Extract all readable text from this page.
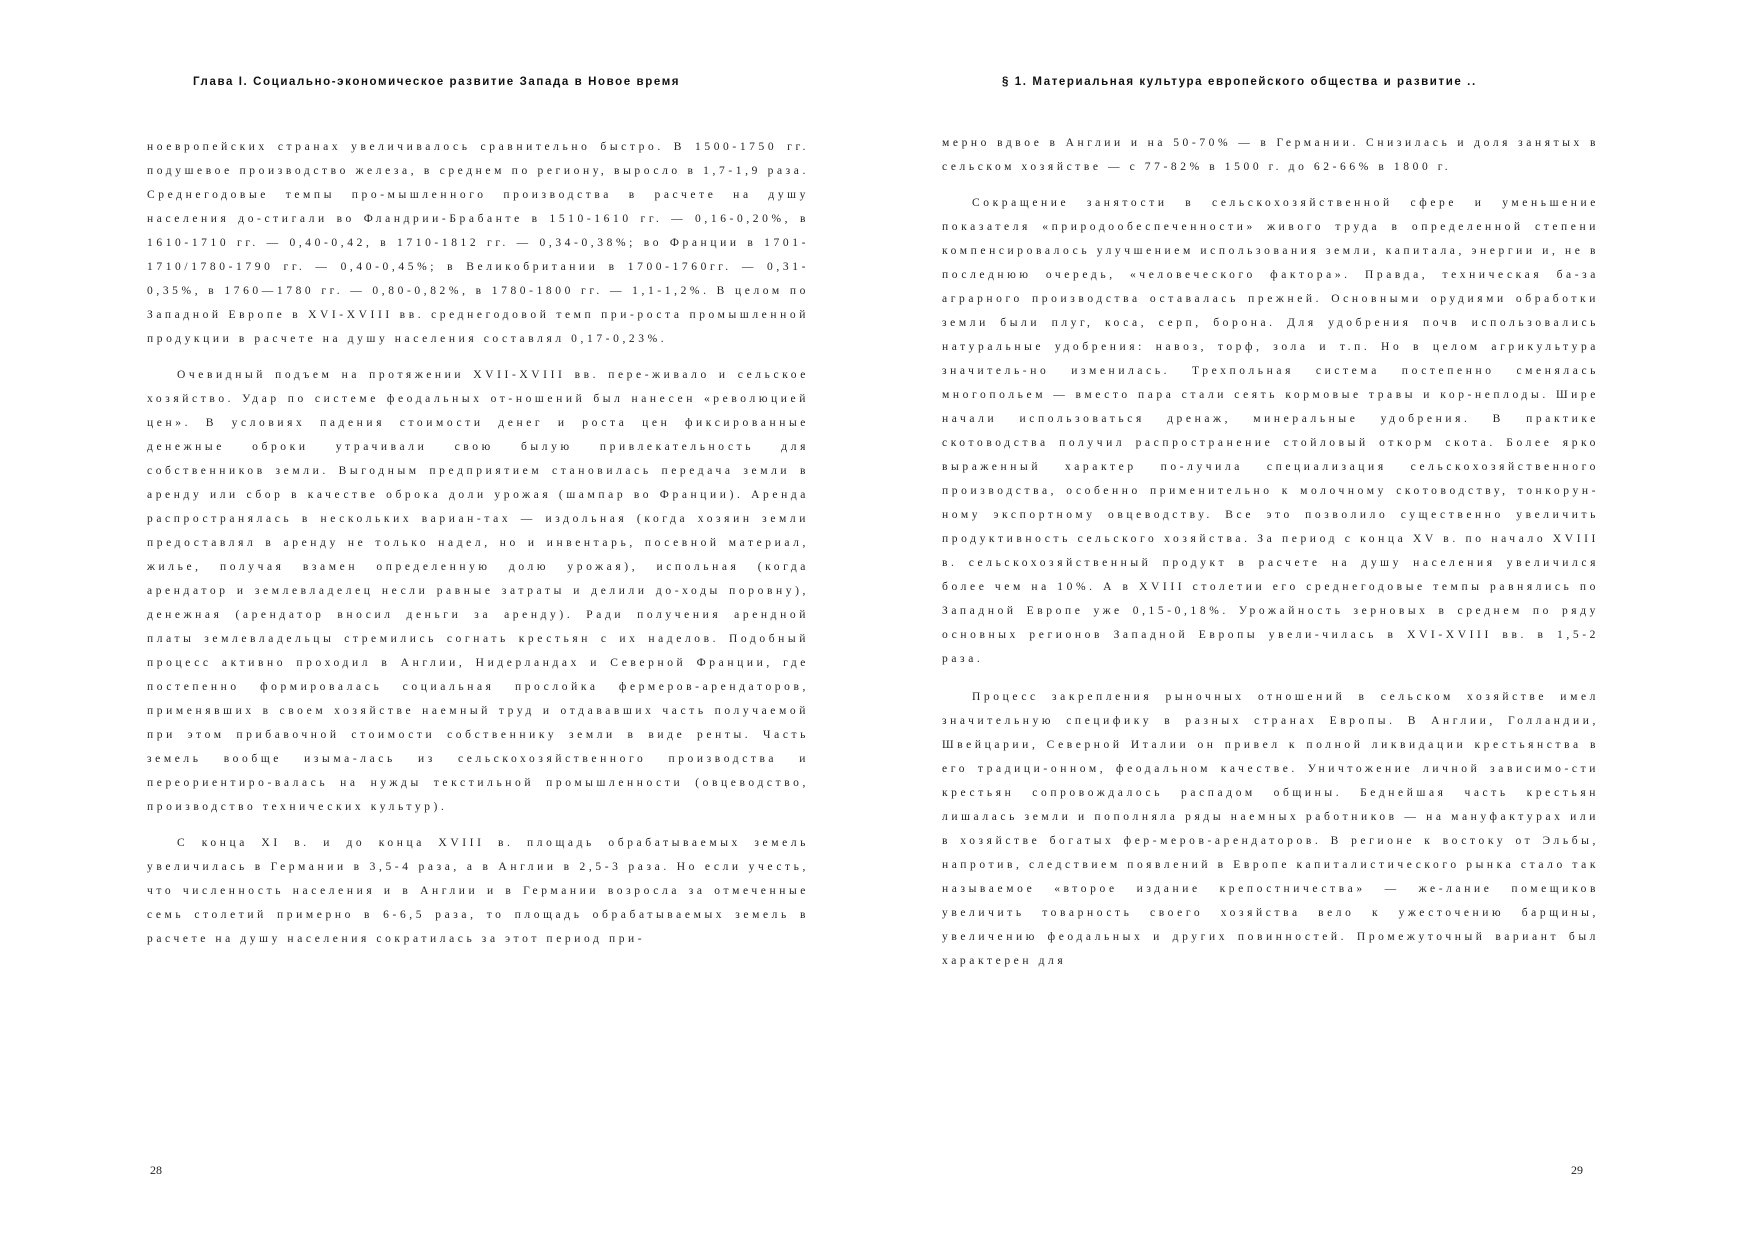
Глава I. Социально-экономическое развитие Запада в Новое время

ноевропейских странах увеличивалось сравнительно быстро. В 1500-1750 гг. подушевое производство железа, в среднем по региону, выросло в 1,7-1,9 раза. Среднегодовые темпы про-мышленного производства в расчете на душу населения до-стигали во Фландрии-Брабанте в 1510-1610 гг. — 0,16-0,20%, в 1610-1710 гг. — 0,40-0,42, в 1710-1812 гг. — 0,34-0,38%; во Франции в 1701-1710/1780-1790 гг. — 0,40-0,45%; в Великобритании в 1700-1760гг. — 0,31-0,35%, в 1760—1780 гг. — 0,80-0,82%, в 1780-1800 гг. — 1,1-1,2%. В целом по Западной Европе в XVI-XVIII вв. среднегодовой темп при-роста промышленной продукции в расчете на душу населения составлял 0,17-0,23%.

Очевидный подъем на протяжении XVII-XVIII вв. пере-живало и сельское хозяйство. Удар по системе феодальных от-ношений был нанесен «революцией цен». В условиях падения стоимости денег и роста цен фиксированные денежные оброки утрачивали свою былую привлекательность для собственников земли. Выгодным предприятием становилась передача земли в аренду или сбор в качестве оброка доли урожая (шампар во Франции). Аренда распространялась в нескольких вариан-тах — издольная (когда хозяин земли предоставлял в аренду не только надел, но и инвентарь, посевной материал, жилье, получая взамен определенную долю урожая), испольная (когда арендатор и землевладелец несли равные затраты и делили до-ходы поровну), денежная (арендатор вносил деньги за аренду). Ради получения арендной платы землевладельцы стремились согнать крестьян с их наделов. Подобный процесс активно проходил в Англии, Нидерландах и Северной Франции, где постепенно формировалась социальная прослойка фермеров-арендаторов, применявших в своем хозяйстве наемный труд и отдававших часть получаемой при этом прибавочной стоимости собственнику земли в виде ренты. Часть земель вообще изыма-лась из сельскохозяйственного производства и переориентиро-валась на нужды текстильной промышленности (овцеводство, производство технических культур).

С конца XI в. и до конца XVIII в. площадь обрабатываемых земель увеличилась в Германии в 3,5-4 раза, а в Англии в 2,5-3 раза. Но если учесть, что численность населения и в Англии и в Германии возросла за отмеченные семь столетий примерно в 6-6,5 раза, то площадь обрабатываемых земель в расчете на душу населения сократилась за этот период при-

28
§ 1. Материальная культура европейского общества и развитие ..

мерно вдвое в Англии и на 50-70% — в Германии. Снизилась и доля занятых в сельском хозяйстве — с 77-82% в 1500 г. до 62-66% в 1800 г.

Сокращение занятости в сельскохозяйственной сфере и уменьшение показателя «природообеспеченности» живого труда в определенной степени компенсировалось улучшением использования земли, капитала, энергии и, не в последнюю очередь, «человеческого фактора». Правда, техническая ба-за аграрного производства оставалась прежней. Основными орудиями обработки земли были плуг, коса, серп, борона. Для удобрения почв использовались натуральные удобрения: навоз, торф, зола и т.п. Но в целом агрикультура значитель-но изменилась. Трехпольная система постепенно сменялась многопольем — вместо пара стали сеять кормовые травы и кор-неплоды. Шире начали использоваться дренаж, минеральные удобрения. В практике скотоводства получил распространение стойловый откорм скота. Более ярко выраженный характер по-лучила специализация сельскохозяйственного производства, особенно применительно к молочному скотоводству, тонкорун-ному экспортному овцеводству. Все это позволило существенно увеличить продуктивность сельского хозяйства. За период с конца XV в. по начало XVIII в. сельскохозяйственный продукт в расчете на душу населения увеличился более чем на 10%. А в XVIII столетии его среднегодовые темпы равнялись по Западной Европе уже 0,15-0,18%. Урожайность зерновых в среднем по ряду основных регионов Западной Европы увели-чилась в XVI-XVIII вв. в 1,5-2 раза.

Процесс закрепления рыночных отношений в сельском хозяйстве имел значительную специфику в разных странах Европы. В Англии, Голландии, Швейцарии, Северной Италии он привел к полной ликвидации крестьянства в его традици-онном, феодальном качестве. Уничтожение личной зависимо-сти крестьян сопровождалось распадом общины. Беднейшая часть крестьян лишалась земли и пополняла ряды наемных работников — на мануфактурах или в хозяйстве богатых фер-меров-арендаторов. В регионе к востоку от Эльбы, напротив, следствием появлений в Европе капиталистического рынка стало так называемое «второе издание крепостничества» — же-лание помещиков увеличить товарность своего хозяйства вело к ужесточению барщины, увеличению феодальных и других повинностей. Промежуточный вариант был характерен для

29
